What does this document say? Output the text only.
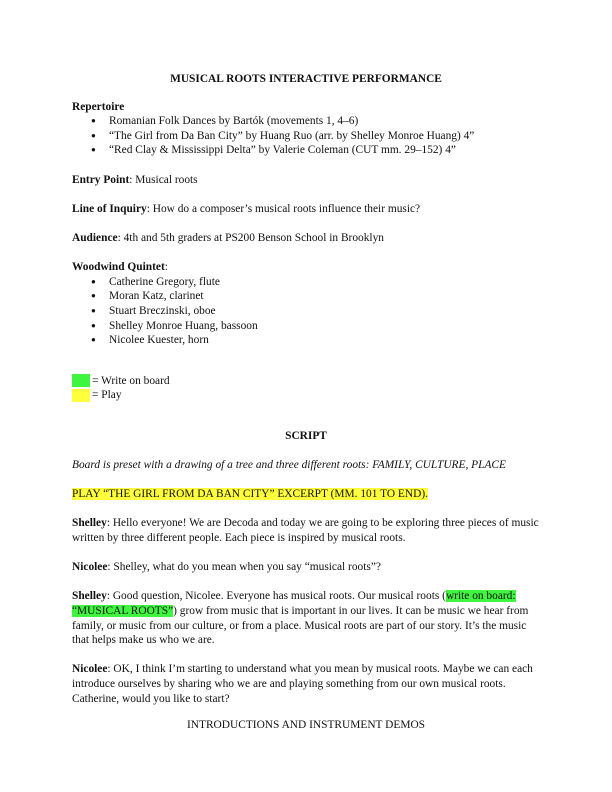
MUSICAL ROOTS INTERACTIVE PERFORMANCE

Repertoire

● Romanian Folk Dances by Bartók (movements 1, 4–6)
● “The Girl from Da Ban City” by Huang Ruo (arr. by Shelley Monroe Huang) 4”
● “Red Clay & Mississippi Delta” by Valerie Coleman (CUT mm. 29–152) 4”

Entry Point: Musical roots

Line of Inquiry: How do a composer’s musical roots influence their music?

Audience: 4th and 5th graders at PS200 Benson School in Brooklyn

Woodwind Quintet:

● Catherine Gregory, flute
● Moran Katz, clarinet
● Stuart Breczinski, oboe
● Shelley Monroe Huang, bassoon
● Nicolee Kuester, horn
= Write on board
= Play

SCRIPT

Board is preset with a drawing of a tree and three different roots: FAMILY, CULTURE, PLACE

PLAY “THE GIRL FROM DA BAN CITY” EXCERPT (MM. 101 TO END).

Shelley: Hello everyone! We are Decoda and today we are going to be exploring three pieces of music written by three different people. Each piece is inspired by musical roots.

Nicolee: Shelley, what do you mean when you say “musical roots”?

Shelley: Good question, Nicolee. Everyone has musical roots. Our musical roots (write on board: “MUSICAL ROOTS”) grow from music that is important in our lives. It can be music we hear from family, or music from our culture, or from a place. Musical roots are part of our story. It’s the music that helps make us who we are.

Nicolee: OK, I think I’m starting to understand what you mean by musical roots. Maybe we can each introduce ourselves by sharing who we are and playing something from our own musical roots. Catherine, would you like to start?

INTRODUCTIONS AND INSTRUMENT DEMOS
